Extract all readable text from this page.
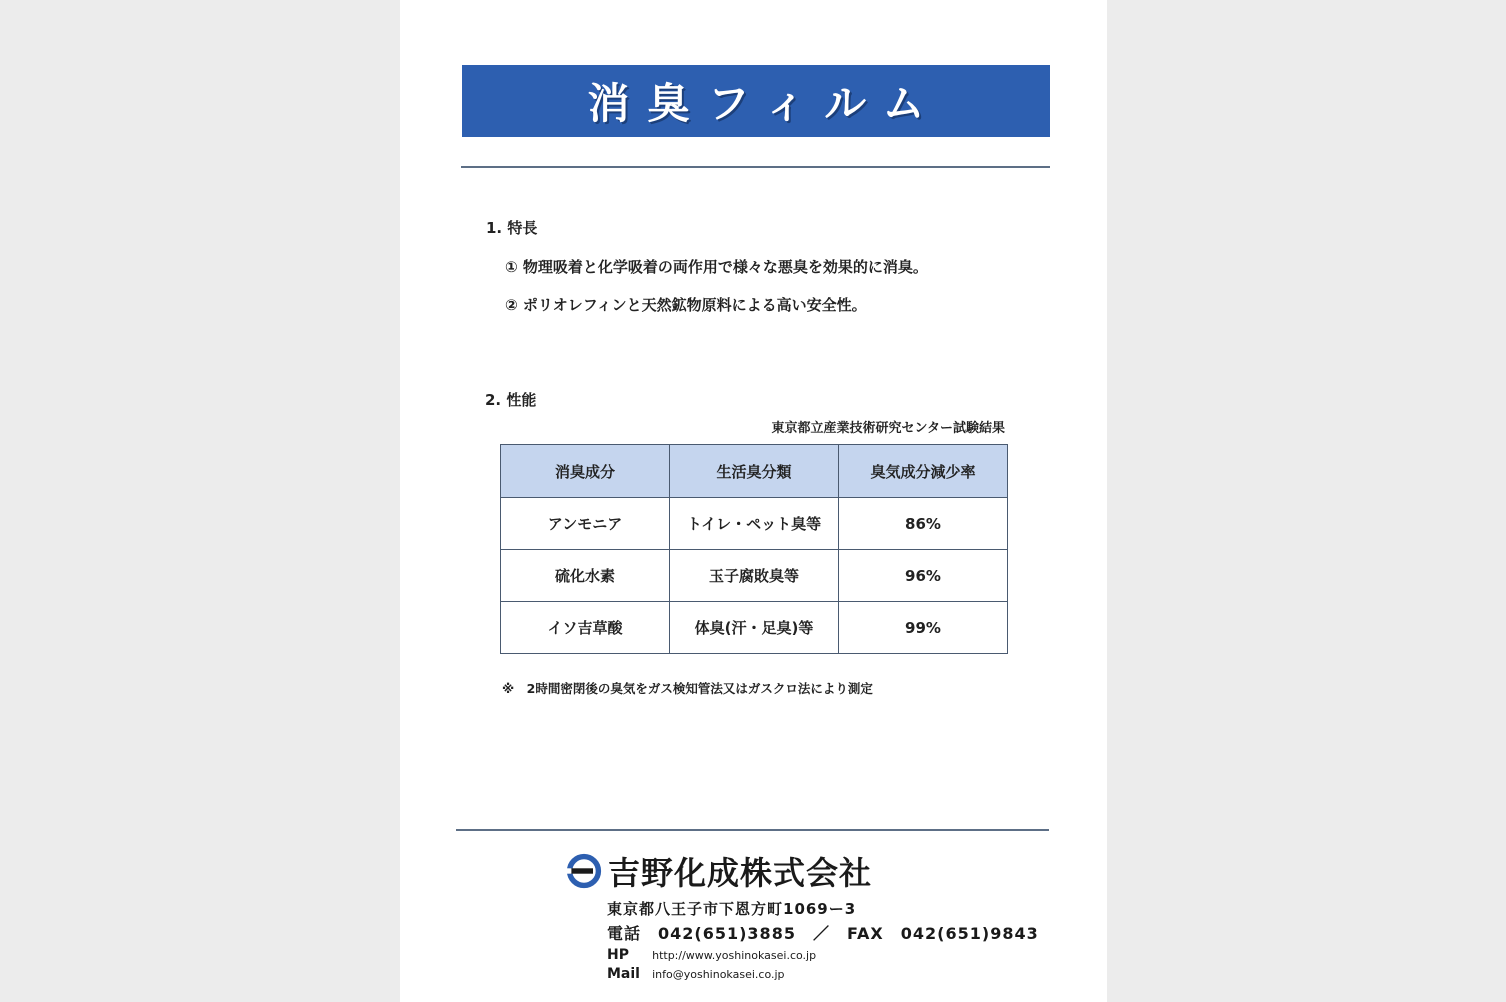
消臭フィルム
1. 特長
① 物理吸着と化学吸着の両作用で様々な悪臭を効果的に消臭。
② ポリオレフィンと天然鉱物原料による高い安全性。
2. 性能
東京都立産業技術研究センター試験結果
消臭成分	生活臭分類	臭気成分減少率
アンモニア	トイレ・ペット臭等	86%
硫化水素	玉子腐敗臭等	96%
イソ吉草酸	体臭(汗・足臭)等	99%
※　2時間密閉後の臭気をガス検知管法又はガスクロ法により測定
吉野化成株式会社
東京都八王子市下恩方町1069ー3
電話　042(651)3885　／　FAX　042(651)9843
HP http://www.yoshinokasei.co.jp
Mail info@yoshinokasei.co.jp
